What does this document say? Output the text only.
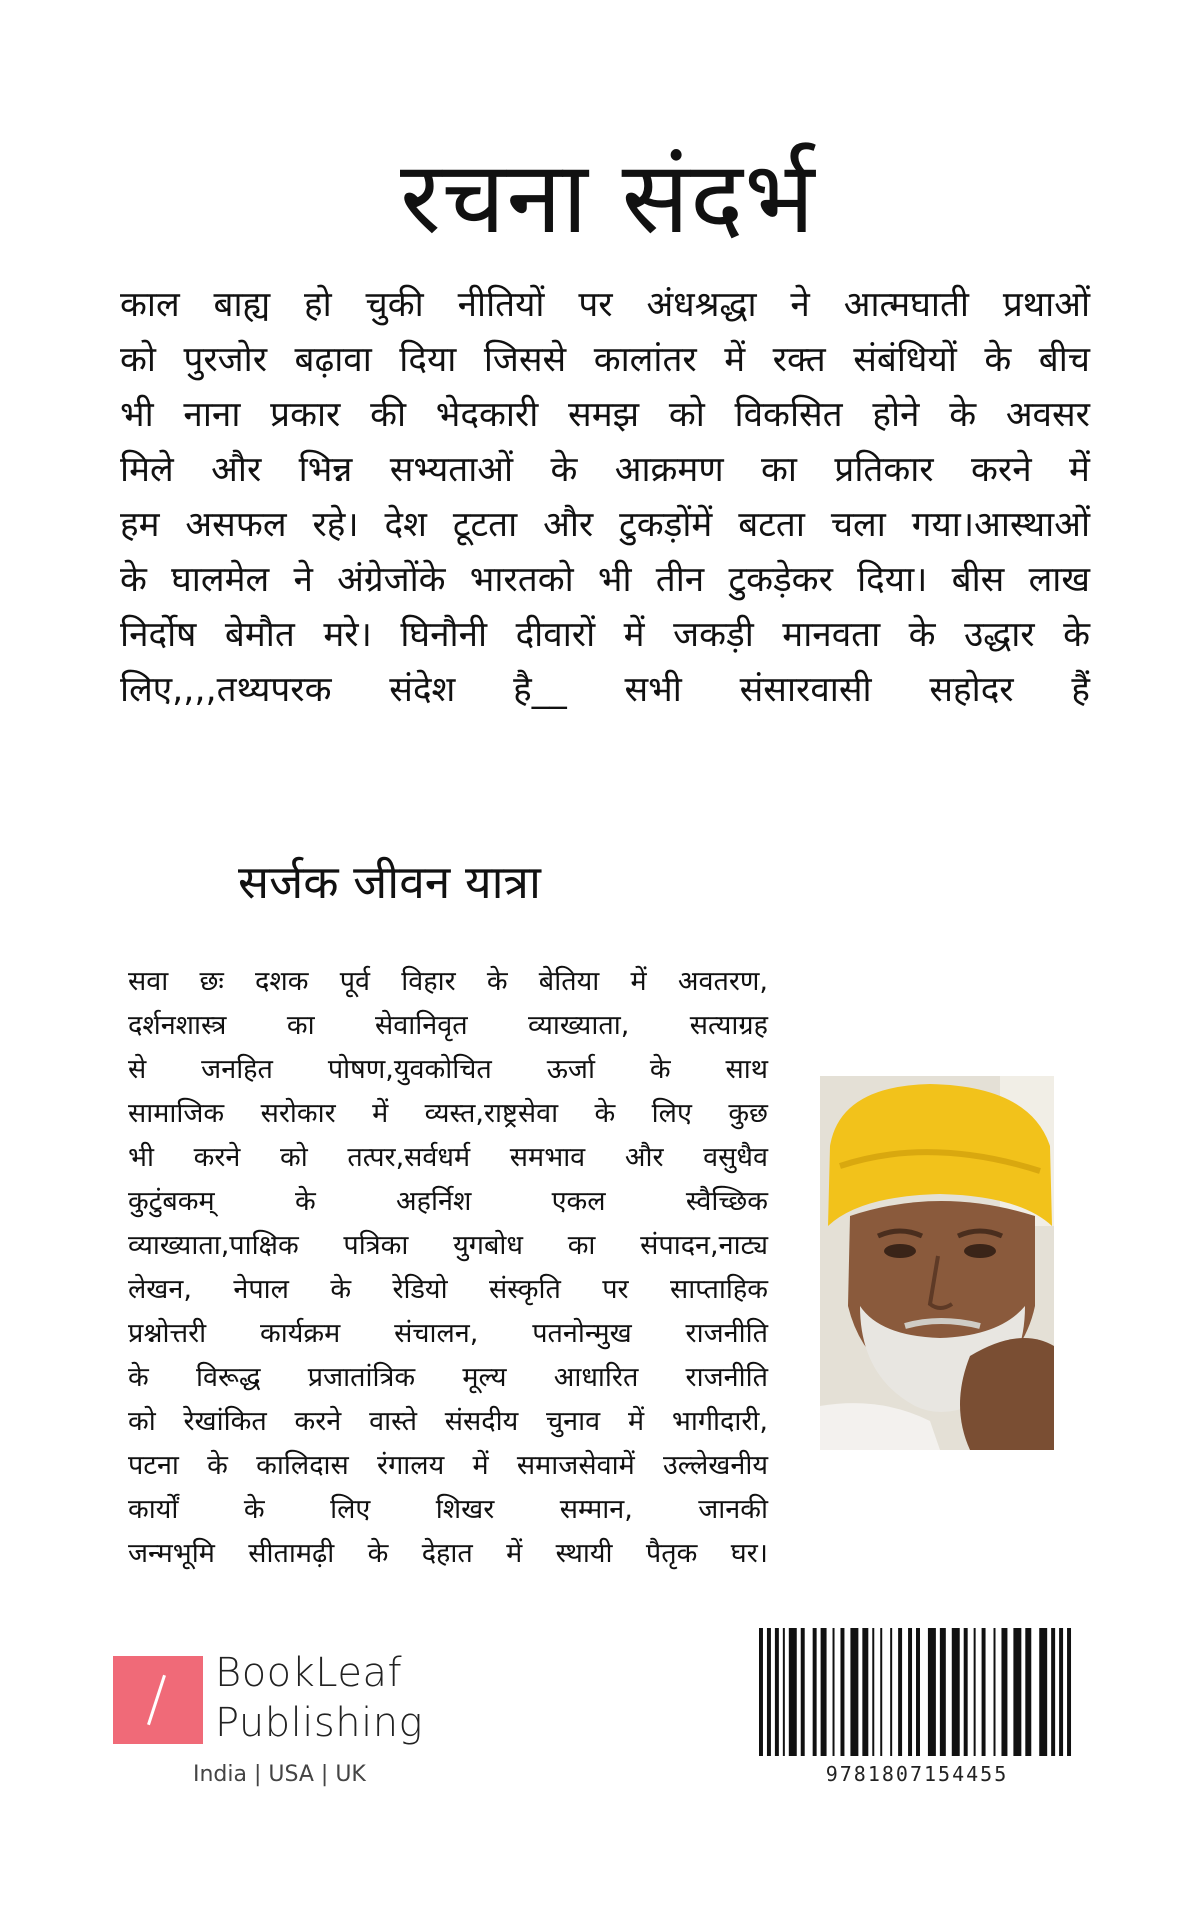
रचना संदर्भ
काल बाह्य हो चुकी नीतियों पर अंधश्रद्धा ने आत्मघाती प्रथाओं
को पुरजोर बढ़ावा दिया जिससे कालांतर में रक्त संबंधियों के बीच
भी नाना प्रकार की भेदकारी समझ को विकसित होने के अवसर
मिले और भिन्न सभ्यताओं के आक्रमण का प्रतिकार करने में
हम असफल रहे। देश टूटता और टुकड़ोंमें बटता चला गया।आस्थाओं
के घालमेल ने अंग्रेजोंके भारतको भी तीन टुकड़ेकर दिया। बीस लाख
निर्दोष बेमौत मरे। घिनौनी दीवारों में जकड़ी मानवता के उद्धार के
लिए,,,,तथ्यपरक संदेश है__ सभी संसारवासी सहोदर हैं
सर्जक जीवन यात्रा
सवा छः दशक पूर्व विहार के बेतिया में अवतरण,
दर्शनशास्त्र का सेवानिवृत व्याख्याता, सत्याग्रह
से जनहित पोषण,युवकोचित ऊर्जा के साथ
सामाजिक सरोकार में व्यस्त,राष्ट्रसेवा के लिए कुछ
भी करने को तत्पर,सर्वधर्म समभाव और वसुधैव
कुटुंबकम् के अहर्निश एकल स्वैच्छिक
व्याख्याता,पाक्षिक पत्रिका युगबोध का संपादन,नाट्य
लेखन, नेपाल के रेडियो संस्कृति पर साप्ताहिक
प्रश्नोत्तरी कार्यक्रम संचालन, पतनोन्मुख राजनीति
के विरूद्ध प्रजातांत्रिक मूल्य आधारित राजनीति
को रेखांकित करने वास्ते संसदीय चुनाव में भागीदारी,
पटना के कालिदास रंगालय में समाजसेवामें उल्लेखनीय
कार्यों के लिए शिखर सम्मान, जानकी
जन्मभूमि सीतामढ़ी के देहात में स्थायी पैतृक घर।
BookLeaf
Publishing
India | USA | UK	9781807154455
